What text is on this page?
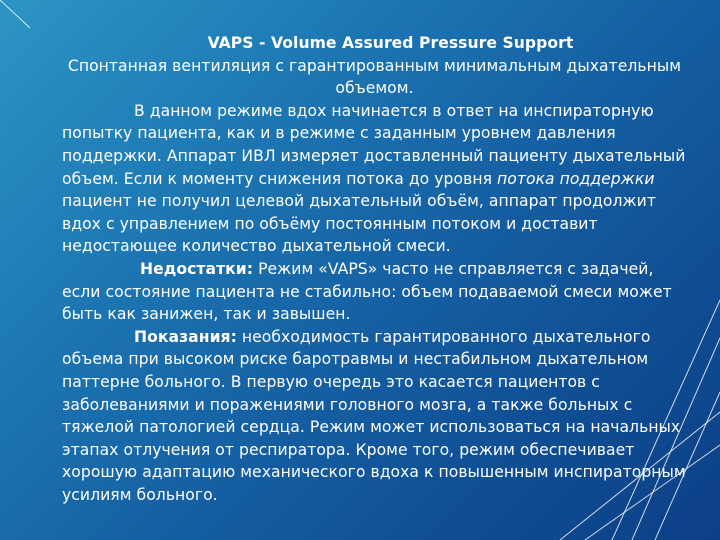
VAPS - Volume Assured Pressure Support

Спонтанная вентиляция с гарантированным минимальным дыхательным объемом.

В данном режиме вдох начинается в ответ на инспираторную попытку пациента, как и в режиме с заданным уровнем давления поддержки. Аппарат ИВЛ измеряет доставленный пациенту дыхательный объем. Если к моменту снижения потока до уровня потока поддержки пациент не получил целевой дыхательный объём, аппарат продолжит вдох с управлением по объёму постоянным потоком и доставит недостающее количество дыхательной смеси.

Недостатки: Режим «VAPS» часто не справляется с задачей, если состояние пациента не стабильно: объем подаваемой смеси может быть как занижен, так и завышен.

Показания: необходимость гарантированного дыхательного объема при высоком риске баротравмы и нестабильном дыхательном паттерне больного. В первую очередь это касается пациентов с заболеваниями и поражениями головного мозга, а также больных с тяжелой патологией сердца. Режим может использоваться на начальных этапах отлучения от респиратора. Кроме того, режим обеспечивает хорошую адаптацию механического вдоха к повышенным инспираторным усилиям больного.
